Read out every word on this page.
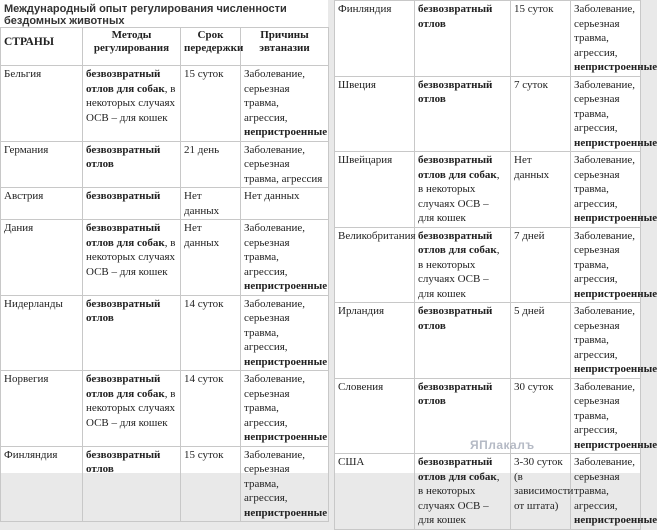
Международный опыт регулирования численности бездомных животных
СТРАНЫ	Методы регулирования	Срок передержки	Причины эвтаназии
Бельгия	безвозвратный отлов для собак, в некоторых случаях ОСВ – для кошек	15 суток	Заболевание, серьезная травма, агрессия, непристроенные
Германия	безвозвратный отлов	21 день	Заболевание, серьезная травма, агрессия
Австрия	безвозвратный	Нет данных	Нет данных
Дания	безвозвратный отлов для собак, в некоторых случаях ОСВ – для кошек	Нет данных	Заболевание, серьезная травма, агрессия, непристроенные
Нидерланды	безвозвратный отлов	14 суток	Заболевание, серьезная травма, агрессия, непристроенные
Норвегия	безвозвратный отлов для собак, в некоторых случаях ОСВ – для кошек	14 суток	Заболевание, серьезная травма, агрессия, непристроенные
Финляндия	безвозвратный отлов	15 суток	Заболевание, серьезная травма, агрессия, непристроенные
Финляндия	безвозвратный отлов	15 суток	Заболевание, серьезная травма, агрессия, непристроенные
Швеция	безвозвратный отлов	7 суток	Заболевание, серьезная травма, агрессия, непристроенные
Швейцария	безвозвратный отлов для собак, в некоторых случаях ОСВ – для кошек	Нет данных	Заболевание, серьезная травма, агрессия, непристроенные
Великобритания	безвозвратный отлов для собак, в некоторых случаях ОСВ – для кошек	7 дней	Заболевание, серьезная травма, агрессия, непристроенные
Ирландия	безвозвратный отлов	5 дней	Заболевание, серьезная травма, агрессия, непристроенные
Словения	безвозвратный отлов	30 суток	Заболевание, серьезная травма, агрессия, непристроенные
США	безвозвратный отлов для собак, в некоторых случаях ОСВ – для кошек	3-30 суток (в зависимости от штата)	Заболевание, серьезная травма, агрессия, непристроенные
ЯПлакалъ
